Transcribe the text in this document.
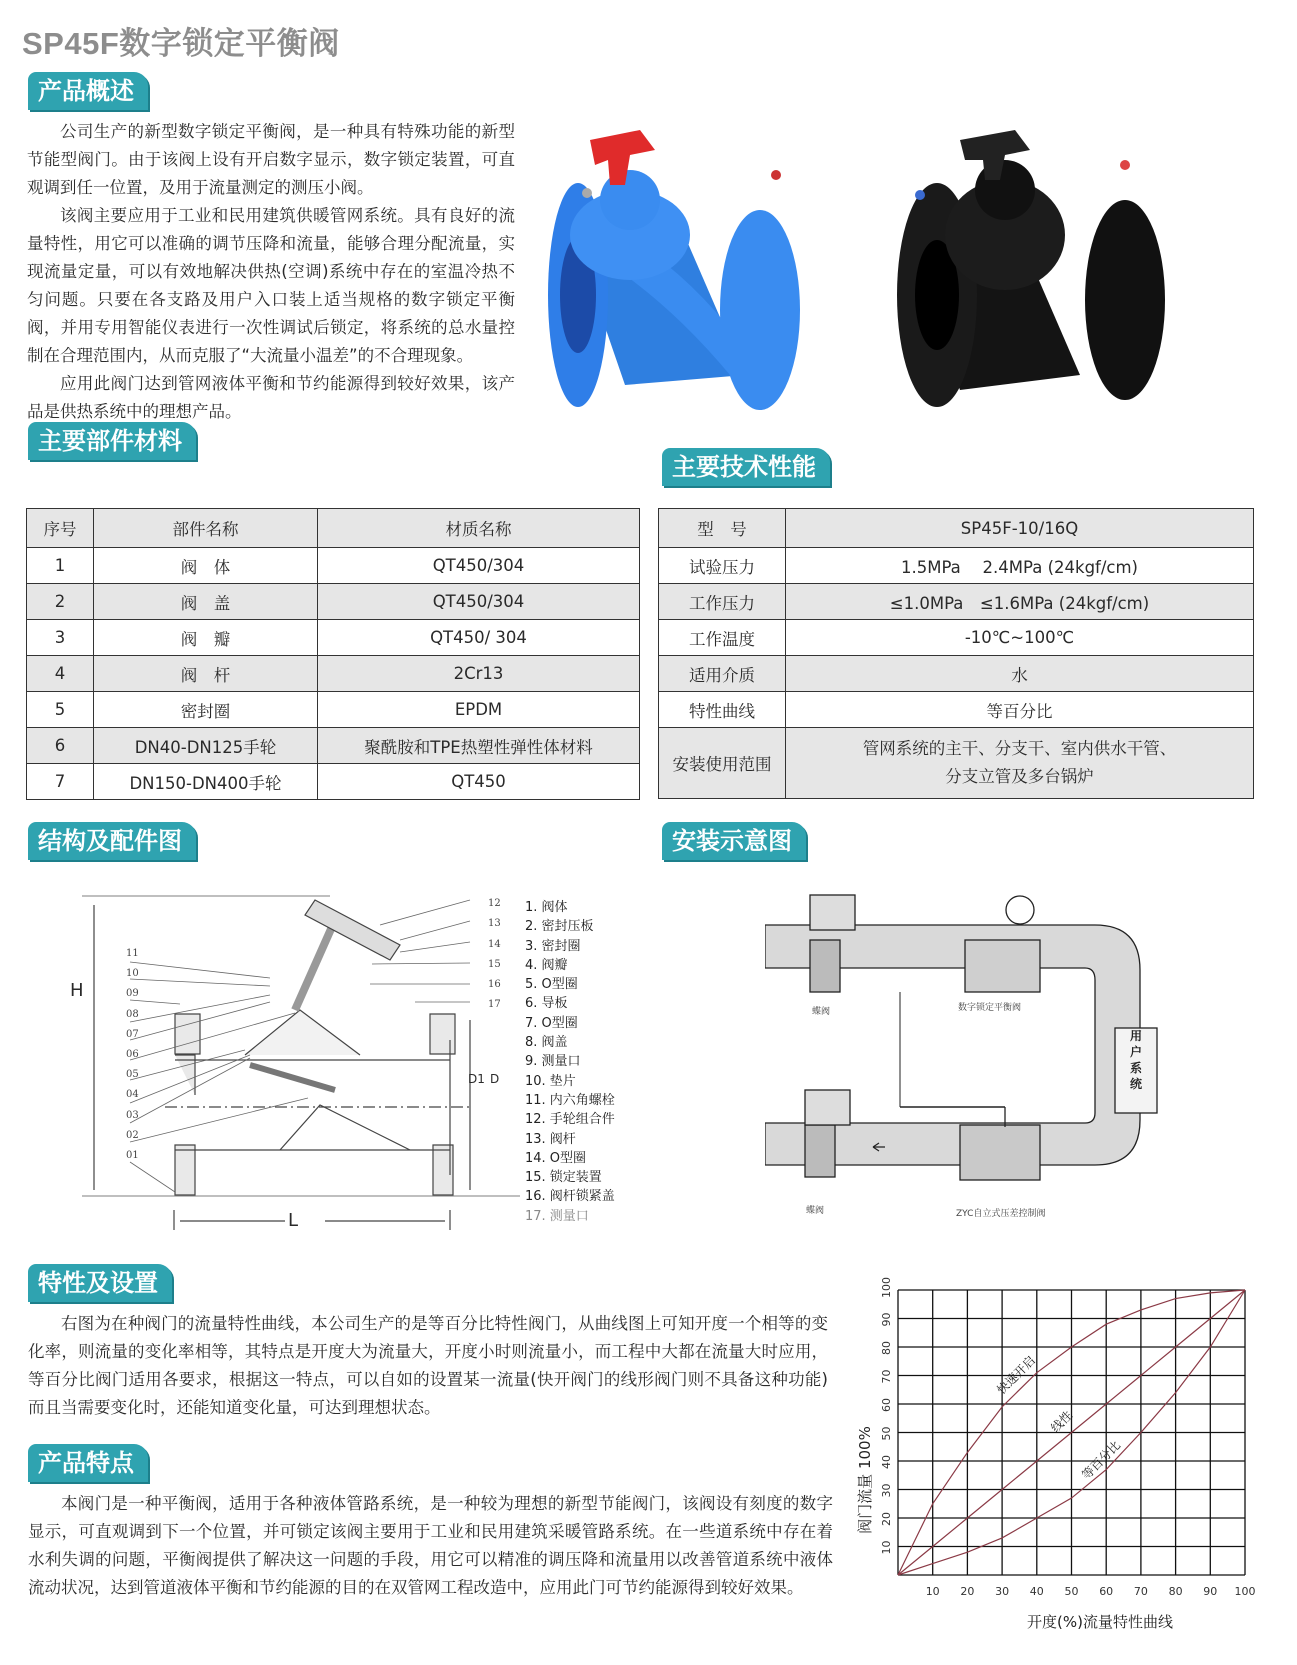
SP45F数字锁定平衡阀
产品概述

公司生产的新型数字锁定平衡阀，是一种具有特殊功能的新型节能型阀门。由于该阀上设有开启数字显示，数字锁定装置，可直观调到任一位置，及用于流量测定的测压小阀。

该阀主要应用于工业和民用建筑供暖管网系统。具有良好的流量特性，用它可以准确的调节压降和流量，能够合理分配流量，实现流量定量，可以有效地解决供热(空调)系统中存在的室温冷热不匀问题。只要在各支路及用户入口装上适当规格的数字锁定平衡阀，并用专用智能仪表进行一次性调试后锁定，将系统的总水量控制在合理范围内，从而克服了“大流量小温差”的不合理现象。

应用此阀门达到管网液体平衡和节约能源得到较好效果，该产品是供热系统中的理想产品。

主要部件材料
序号	部件名称	材质名称
1	阀　体	QT450/304
2	阀　盖	QT450/304
3	阀　瓣	QT450/ 304
4	阀　杆	2Cr13
5	密封圈	EPDM
6	DN40-DN125手轮	聚酰胺和TPE热塑性弹性体材料
7	DN150-DN400手轮	QT450
主要技术性能
型　号	SP45F-10/16Q
试验压力	1.5MPa　 2.4MPa (24kgf/cm)
工作压力	≤1.0MPa　≤1.6MPa (24kgf/cm)
工作温度	-10℃~100℃
适用介质	水
特性曲线	等百分比
安装使用范围	管网系统的主干、分支干、室内供水干管、
分支立管及多台锅炉
结构及配件图
H
L
D1 D
11
10
09
08
07
06
05
04
03
02
01
12
13
14
15
16
17
1. 阀体
2. 密封压板
3. 密封圈
4. 阀瓣
5. O型圈
6. 导板
7. O型圈
8. 阀盖
9. 测量口
10. 垫片
11. 内六角螺栓
12. 手轮组合件
13. 阀杆
14. O型圈
15. 锁定装置
16. 阀杆锁紧盖
17. 测量口
安装示意图
蝶阀	数字锁定平衡阀
用户系统
蝶阀	ZYC自立式压差控制阀
特性及设置

右图为在种阀门的流量特性曲线，本公司生产的是等百分比特性阀门，从曲线图上可知开度一个相等的变化率，则流量的变化率相等，其特点是开度大为流量大，开度小时则流量小，而工程中大都在流量大时应用，等百分比阀门适用各要求，根据这一特点，可以自如的设置某一流量(快开阀门的线形阀门则不具备这种功能)而且当需要变化时，还能知道变化量，可达到理想状态。

产品特点

本阀门是一种平衡阀，适用于各种液体管路系统，是一种较为理想的新型节能阀门，该阀设有刻度的数字显示，可直观调到下一个位置，并可锁定该阀主要用于工业和民用建筑采暖管路系统。在一些道系统中存在着水利失调的问题，平衡阀提供了解决这一问题的手段，用它可以精准的调压降和流量用以改善管道系统中液体流动状况，达到管道液体平衡和节约能源的目的在双管网工程改造中，应用此门可节约能源得到较好效果。	10 20 30 40 50 60 70 80 90 100
10
20
30
40
50
60
70
80
90
100
快速开启
线性
等百分比
开度(%)流量特性曲线
阀门流量 100%
